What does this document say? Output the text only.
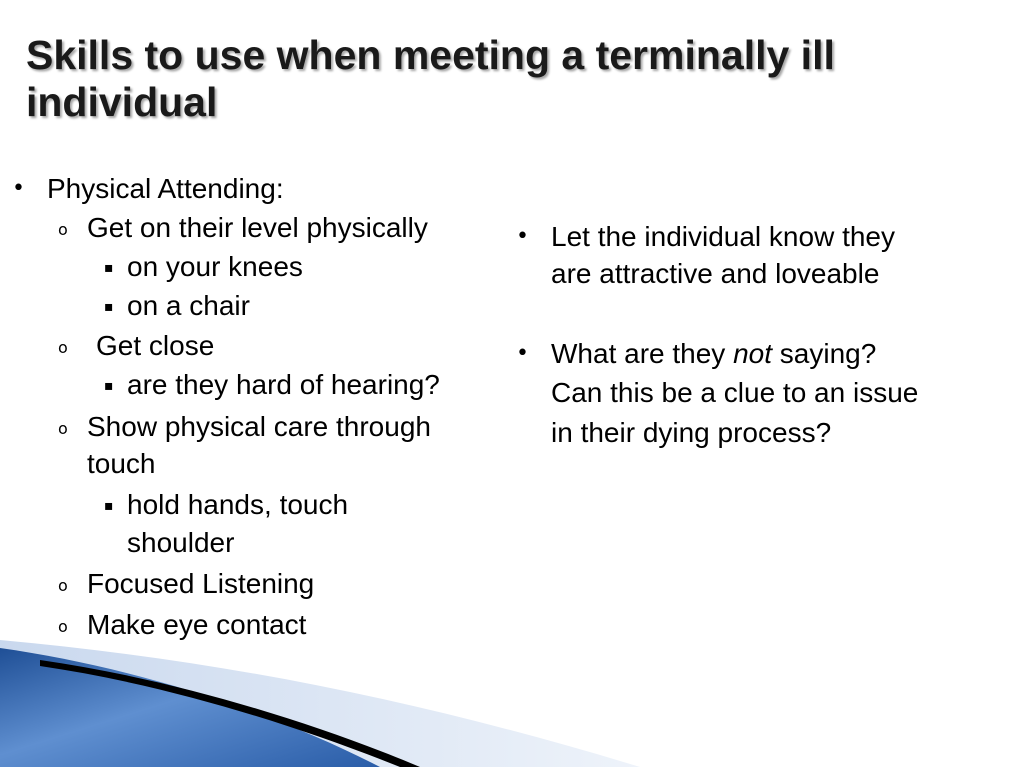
Skills to use when meeting a terminally ill individual
• Physical Attending:
o Get on their level physically
▪ on your knees
▪ on a chair
o Get close
▪ are they hard of hearing?
o Show physical care through
touch
▪ hold hands, touch
shoulder
o Focused Listening
o Make eye contact
• Let the individual know they
are attractive and loveable
• What are they not saying?
Can this be a clue to an issue
in their dying process?
